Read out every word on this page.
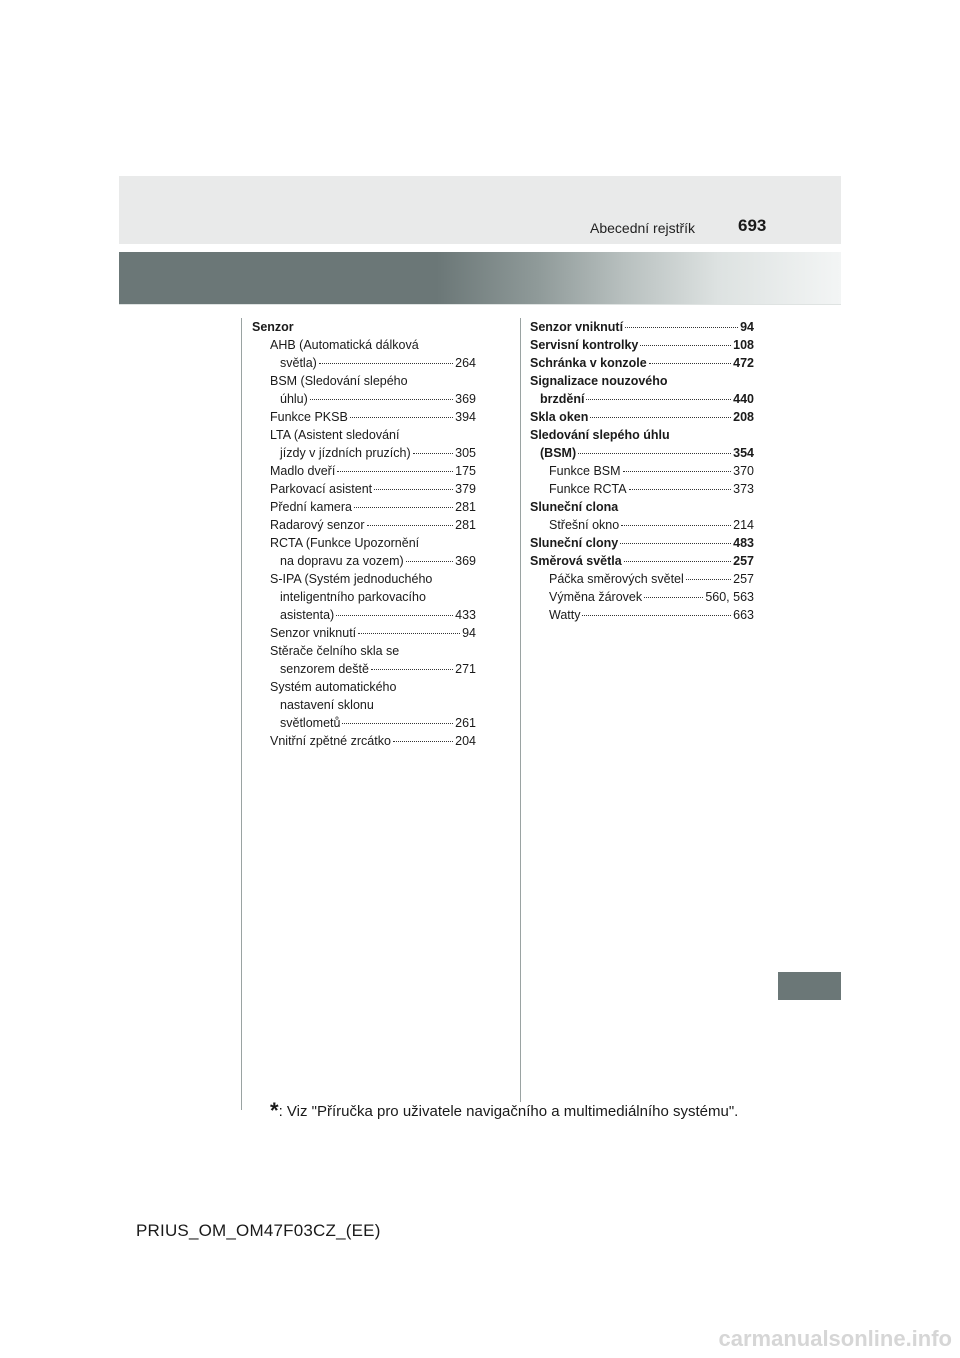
Abecední rejstřík	693
Senzor
AHB (Automatická dálková
světla)	264
BSM (Sledování slepého
úhlu)	369
Funkce PKSB	394
LTA (Asistent sledování
jízdy v jízdních pruzích)	305
Madlo dveří	175
Parkovací asistent	379
Přední kamera	281
Radarový senzor	281
RCTA (Funkce Upozornění
na dopravu za vozem)	369
S-IPA (Systém jednoduchého
inteligentního parkovacího
asistenta)	433
Senzor vniknutí	94
Stěrače čelního skla se
senzorem deště	271
Systém automatického
nastavení sklonu
světlometů	261
Vnitřní zpětné zrcátko	204
Senzor vniknutí	94
Servisní kontrolky	108
Schránka v konzole	472
Signalizace nouzového
brzdění	440
Skla oken	208
Sledování slepého úhlu
(BSM)	354
Funkce BSM	370
Funkce RCTA	373
Sluneční clona
Střešní okno	214
Sluneční clony	483
Směrová světla	257
Páčka směrových světel	257
Výměna žárovek	560, 563
Watty	663
*: Viz "Příručka pro uživatele navigačního a multimediálního systému".
PRIUS_OM_OM47F03CZ_(EE)
carmanualsonline.info
